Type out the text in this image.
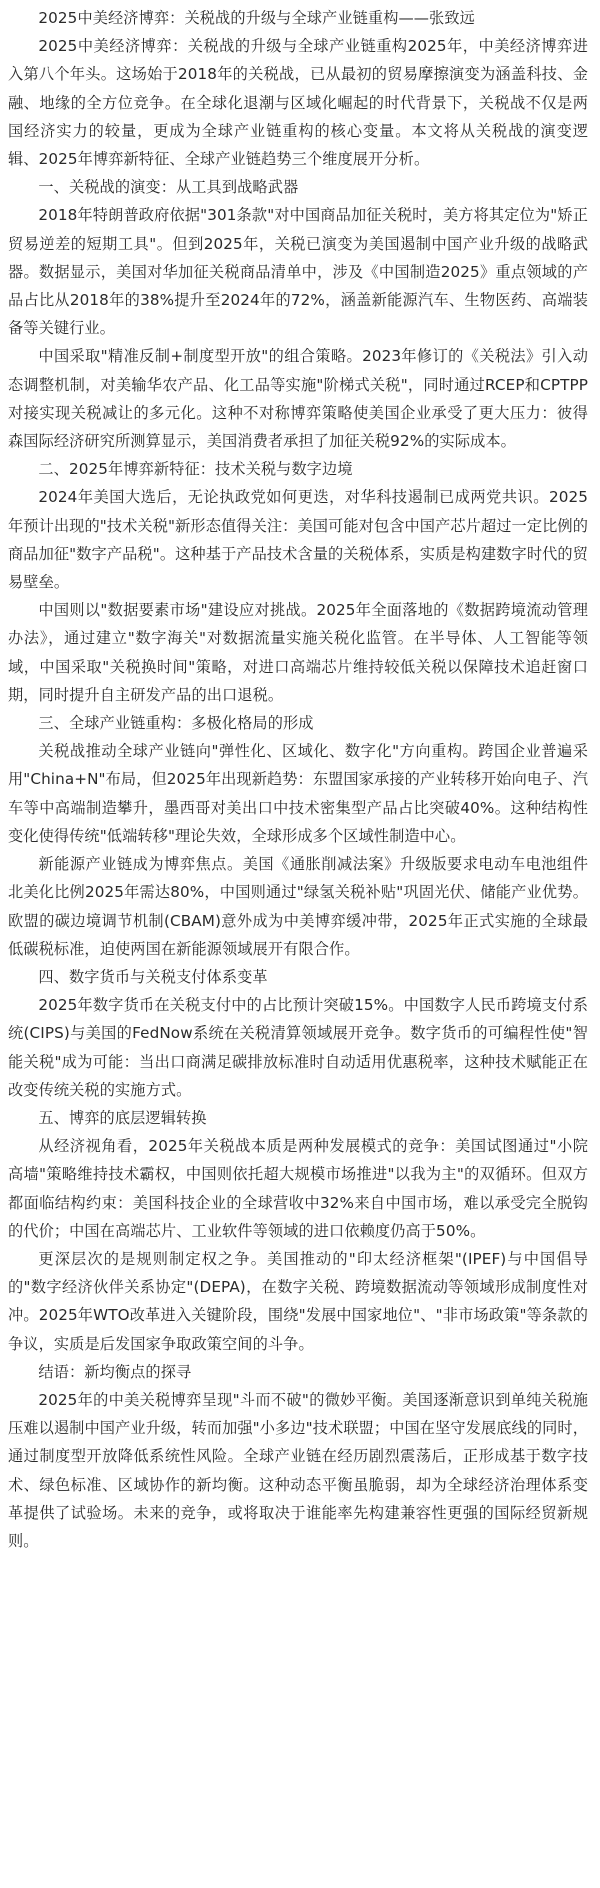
2025中美经济博弈：关税战的升级与全球产业链重构——张致远

2025中美经济博弈：关税战的升级与全球产业链重构2025年，中美经济博弈进入第八个年头。这场始于2018年的关税战，已从最初的贸易摩擦演变为涵盖科技、金融、地缘的全方位竞争。在全球化退潮与区域化崛起的时代背景下，关税战不仅是两国经济实力的较量，更成为全球产业链重构的核心变量。本文将从关税战的演变逻辑、2025年博弈新特征、全球产业链趋势三个维度展开分析。

一、关税战的演变：从工具到战略武器

2018年特朗普政府依据"301条款"对中国商品加征关税时，美方将其定位为"矫正贸易逆差的短期工具"。但到2025年，关税已演变为美国遏制中国产业升级的战略武器。数据显示，美国对华加征关税商品清单中，涉及《中国制造2025》重点领域的产品占比从2018年的38%提升至2024年的72%，涵盖新能源汽车、生物医药、高端装备等关键行业。

中国采取"精准反制+制度型开放"的组合策略。2023年修订的《关税法》引入动态调整机制，对美输华农产品、化工品等实施"阶梯式关税"，同时通过RCEP和CPTPP对接实现关税减让的多元化。这种不对称博弈策略使美国企业承受了更大压力：彼得森国际经济研究所测算显示，美国消费者承担了加征关税92%的实际成本。

二、2025年博弈新特征：技术关税与数字边境

2024年美国大选后，无论执政党如何更迭，对华科技遏制已成两党共识。2025年预计出现的"技术关税"新形态值得关注：美国可能对包含中国产芯片超过一定比例的商品加征"数字产品税"。这种基于产品技术含量的关税体系，实质是构建数字时代的贸易壁垒。

中国则以"数据要素市场"建设应对挑战。2025年全面落地的《数据跨境流动管理办法》，通过建立"数字海关"对数据流量实施关税化监管。在半导体、人工智能等领域，中国采取"关税换时间"策略，对进口高端芯片维持较低关税以保障技术追赶窗口期，同时提升自主研发产品的出口退税。

三、全球产业链重构：多极化格局的形成

关税战推动全球产业链向"弹性化、区域化、数字化"方向重构。跨国企业普遍采用"China+N"布局，但2025年出现新趋势：东盟国家承接的产业转移开始向电子、汽车等中高端制造攀升，墨西哥对美出口中技术密集型产品占比突破40%。这种结构性变化使得传统"低端转移"理论失效，全球形成多个区域性制造中心。

新能源产业链成为博弈焦点。美国《通胀削减法案》升级版要求电动车电池组件北美化比例2025年需达80%，中国则通过"绿氢关税补贴"巩固光伏、储能产业优势。欧盟的碳边境调节机制(CBAM)意外成为中美博弈缓冲带，2025年正式实施的全球最低碳税标准，迫使两国在新能源领域展开有限合作。

四、数字货币与关税支付体系变革

2025年数字货币在关税支付中的占比预计突破15%。中国数字人民币跨境支付系统(CIPS)与美国的FedNow系统在关税清算领域展开竞争。数字货币的可编程性使"智能关税"成为可能：当出口商满足碳排放标准时自动适用优惠税率，这种技术赋能正在改变传统关税的实施方式。

五、博弈的底层逻辑转换

从经济视角看，2025年关税战本质是两种发展模式的竞争：美国试图通过"小院高墙"策略维持技术霸权，中国则依托超大规模市场推进"以我为主"的双循环。但双方都面临结构约束：美国科技企业的全球营收中32%来自中国市场，难以承受完全脱钩的代价；中国在高端芯片、工业软件等领域的进口依赖度仍高于50%。

更深层次的是规则制定权之争。美国推动的"印太经济框架"(IPEF)与中国倡导的"数字经济伙伴关系协定"(DEPA)，在数字关税、跨境数据流动等领域形成制度性对冲。2025年WTO改革进入关键阶段，围绕"发展中国家地位"、"非市场政策"等条款的争议，实质是后发国家争取政策空间的斗争。

结语：新均衡点的探寻

2025年的中美关税博弈呈现"斗而不破"的微妙平衡。美国逐渐意识到单纯关税施压难以遏制中国产业升级，转而加强"小多边"技术联盟；中国在坚守发展底线的同时，通过制度型开放降低系统性风险。全球产业链在经历剧烈震荡后，正形成基于数字技术、绿色标准、区域协作的新均衡。这种动态平衡虽脆弱，却为全球经济治理体系变革提供了试验场。未来的竞争，或将取决于谁能率先构建兼容性更强的国际经贸新规则。
